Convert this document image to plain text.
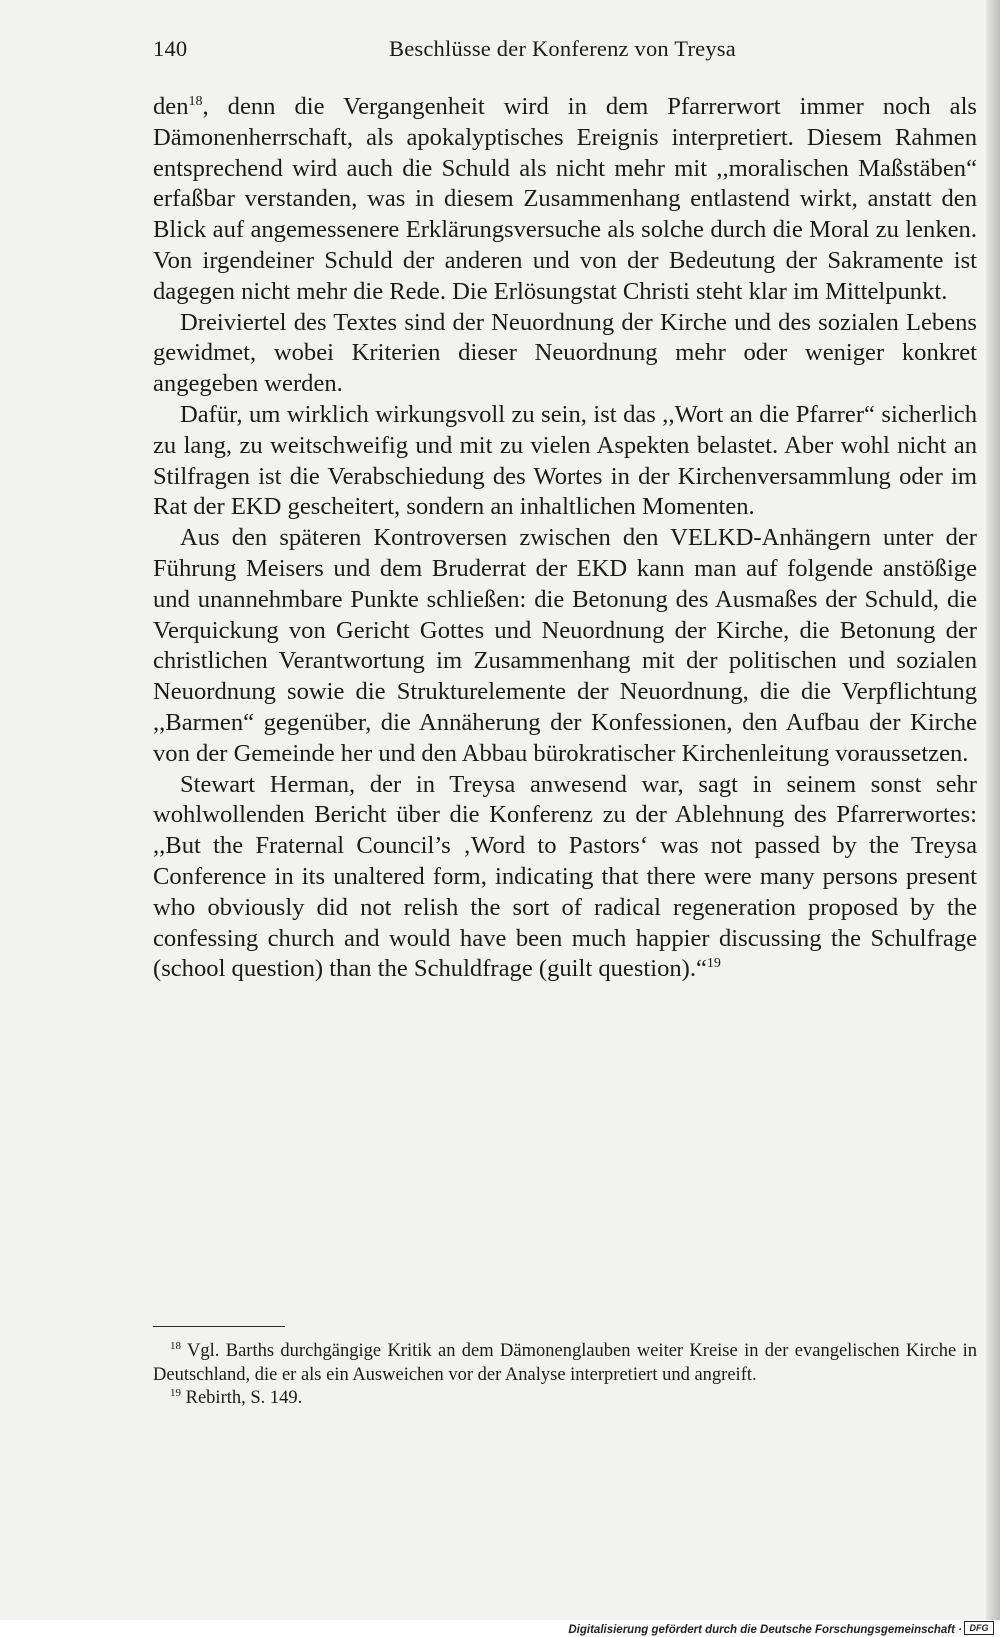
140	Beschlüsse der Konferenz von Treysa

den$^{18}$, denn die Vergangenheit wird in dem Pfarrerwort immer noch als Dämonenherrschaft, als apokalyptisches Ereignis interpretiert. Diesem Rahmen entsprechend wird auch die Schuld als nicht mehr mit ,,moralischen Maßstäben“ erfaßbar verstanden, was in diesem Zusammenhang entlastend wirkt, anstatt den Blick auf angemessenere Erklärungsversuche als solche durch die Moral zu lenken. Von irgendeiner Schuld der anderen und von der Bedeutung der Sakramente ist dagegen nicht mehr die Rede. Die Erlösungstat Christi steht klar im Mittelpunkt.

Dreiviertel des Textes sind der Neuordnung der Kirche und des sozialen Lebens gewidmet, wobei Kriterien dieser Neuordnung mehr oder weniger konkret angegeben werden.

Dafür, um wirklich wirkungsvoll zu sein, ist das ,,Wort an die Pfarrer“ sicherlich zu lang, zu weitschweifig und mit zu vielen Aspekten belastet. Aber wohl nicht an Stilfragen ist die Verabschiedung des Wortes in der Kirchenversammlung oder im Rat der EKD gescheitert, sondern an inhaltlichen Momenten.

Aus den späteren Kontroversen zwischen den VELKD-Anhängern unter der Führung Meisers und dem Bruderrat der EKD kann man auf folgende anstößige und unannehmbare Punkte schließen: die Betonung des Ausmaßes der Schuld, die Verquickung von Gericht Gottes und Neuordnung der Kirche, die Betonung der christlichen Verantwortung im Zusammenhang mit der politischen und sozialen Neuordnung sowie die Strukturelemente der Neuordnung, die die Verpflichtung ,,Barmen“ gegenüber, die Annäherung der Konfessionen, den Aufbau der Kirche von der Gemeinde her und den Abbau bürokratischer Kirchenleitung voraussetzen.

Stewart Herman, der in Treysa anwesend war, sagt in seinem sonst sehr wohlwollenden Bericht über die Konferenz zu der Ablehnung des Pfarrerwortes: ,,But the Fraternal Council’s ‚Word to Pastors‘ was not passed by the Treysa Conference in its unaltered form, indicating that there were many persons present who obviously did not relish the sort of radical regeneration proposed by the confessing church and would have been much happier discussing the Schulfrage (school question) than the Schuldfrage (guilt question).“$^{19}$

$^{18}$ Vgl. Barths durchgängige Kritik an dem Dämonenglauben weiter Kreise in der evangelischen Kirche in Deutschland, die er als ein Ausweichen vor der Analyse interpretiert und angreift.

$^{19}$ Rebirth, S. 149.

Digitalisierung gefördert durch die Deutsche Forschungsgemeinschaft · DFG
